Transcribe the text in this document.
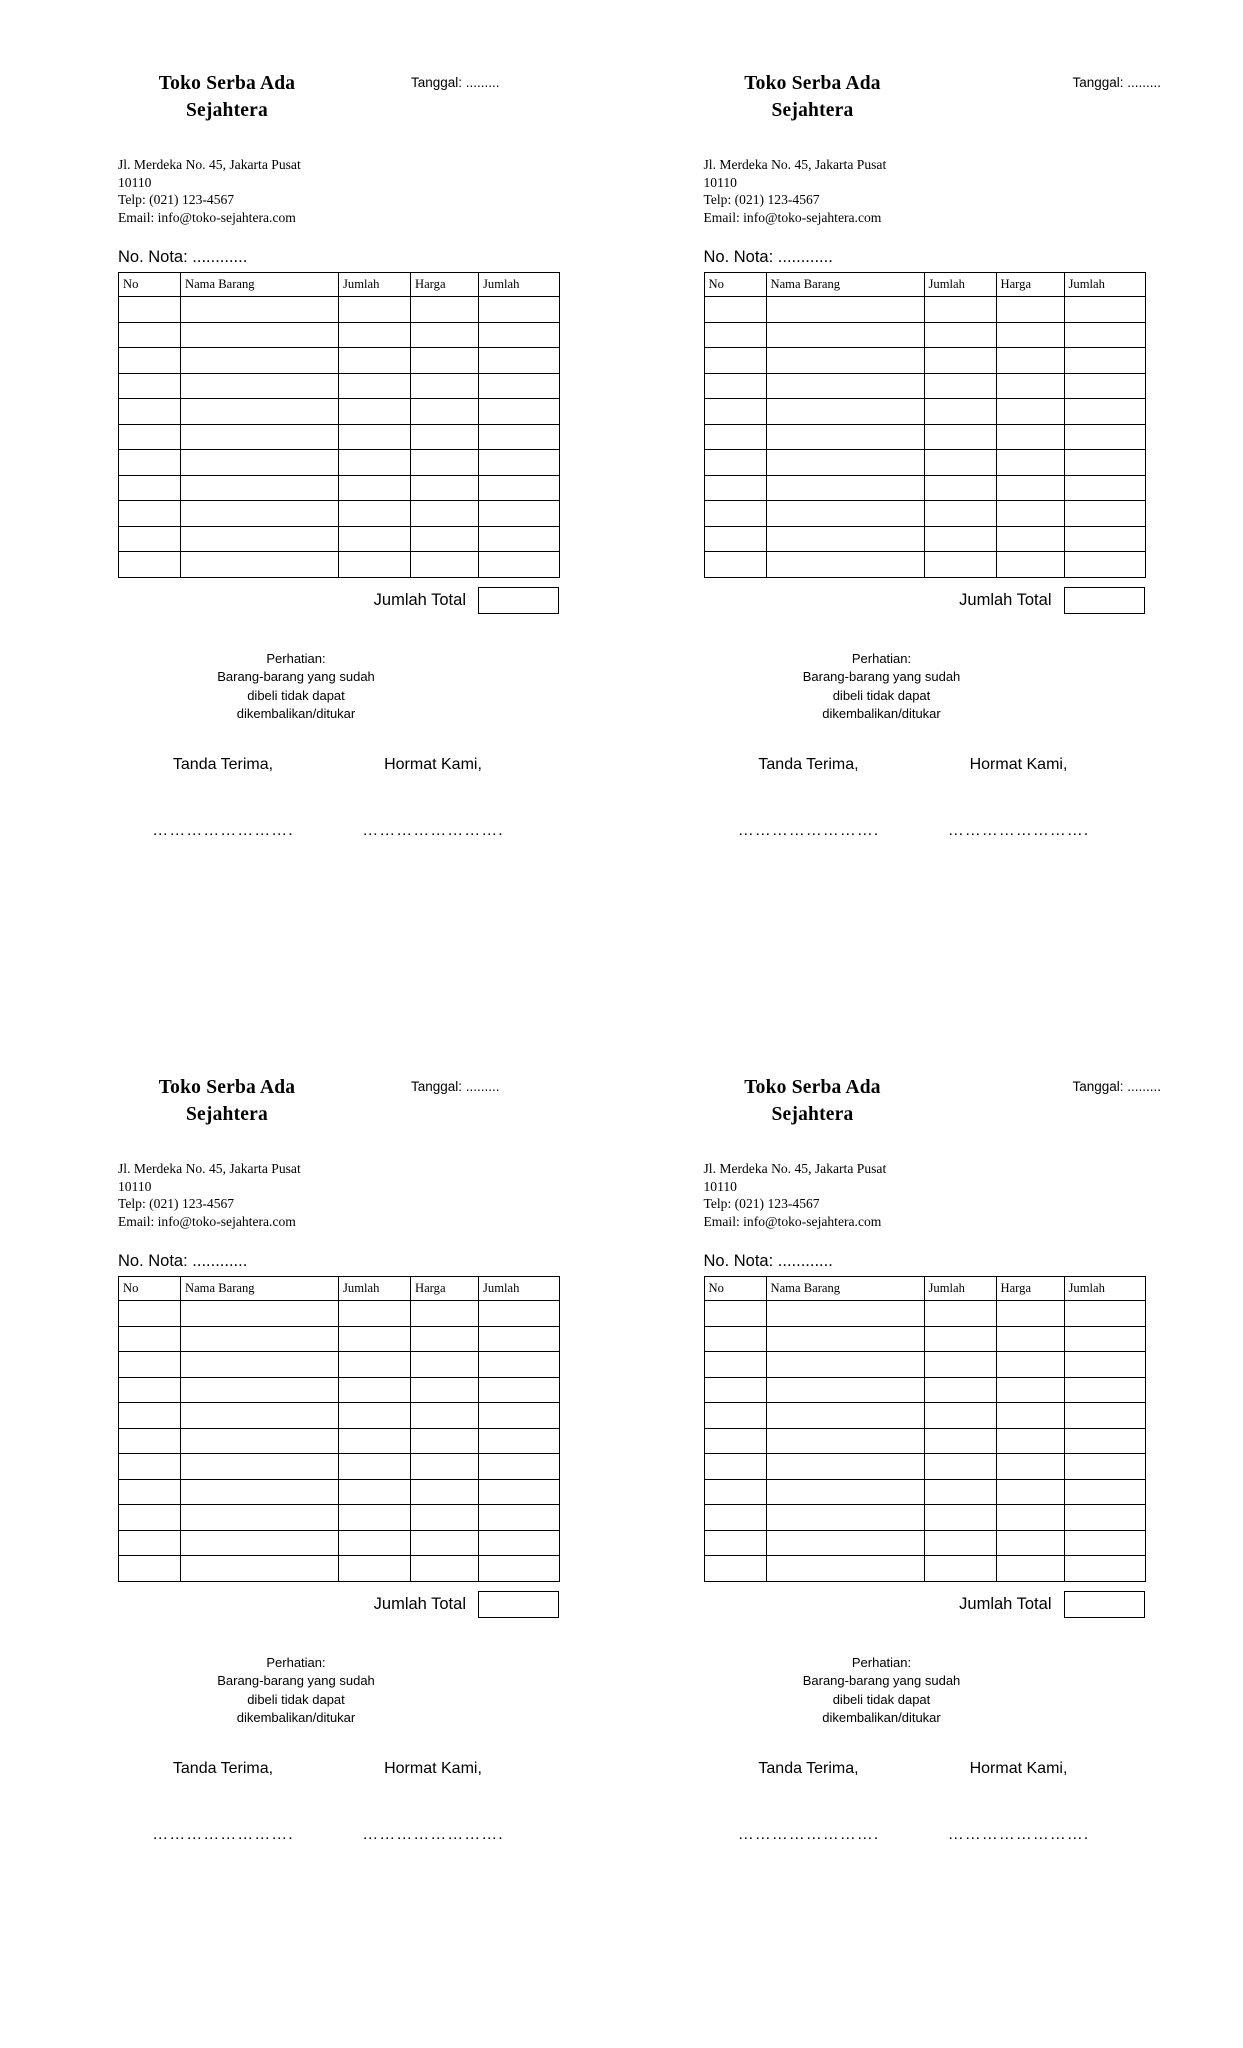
Toko Serba Ada Sejahtera
Tanggal: .........
Jl. Merdeka No. 45, Jakarta Pusat
10110
Telp: (021) 123-4567
Email: info@toko-sejahtera.com
No. Nota: ............
No	Nama Barang	Jumlah	Harga	Jumlah

Jumlah Total
Perhatian:
Barang-barang yang sudah
dibeli tidak dapat
dikembalikan/ditukar
Tanda Terima,
…………………….
Hormat Kami,
…………………….
Toko Serba Ada Sejahtera
Tanggal: .........
Jl. Merdeka No. 45, Jakarta Pusat
10110
Telp: (021) 123-4567
Email: info@toko-sejahtera.com
No. Nota: ............
No	Nama Barang	Jumlah	Harga	Jumlah

Jumlah Total
Perhatian:
Barang-barang yang sudah
dibeli tidak dapat
dikembalikan/ditukar
Tanda Terima,
…………………….
Hormat Kami,
…………………….
Toko Serba Ada Sejahtera
Tanggal: .........
Jl. Merdeka No. 45, Jakarta Pusat
10110
Telp: (021) 123-4567
Email: info@toko-sejahtera.com
No. Nota: ............
No	Nama Barang	Jumlah	Harga	Jumlah

Jumlah Total
Perhatian:
Barang-barang yang sudah
dibeli tidak dapat
dikembalikan/ditukar
Tanda Terima,
…………………….
Hormat Kami,
…………………….
Toko Serba Ada Sejahtera
Tanggal: .........
Jl. Merdeka No. 45, Jakarta Pusat
10110
Telp: (021) 123-4567
Email: info@toko-sejahtera.com
No. Nota: ............
No	Nama Barang	Jumlah	Harga	Jumlah

Jumlah Total
Perhatian:
Barang-barang yang sudah
dibeli tidak dapat
dikembalikan/ditukar
Tanda Terima,
…………………….
Hormat Kami,
…………………….
